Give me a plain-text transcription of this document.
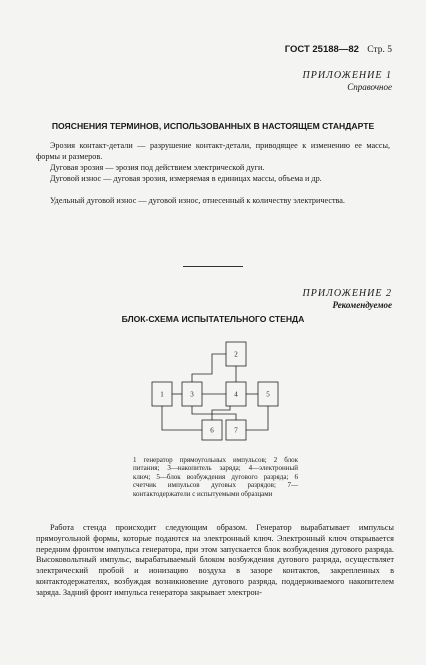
ГОСТ 25188—82 Стр. 5
ПРИЛОЖЕНИЕ 1
Справочное
ПОЯСНЕНИЯ ТЕРМИНОВ, ИСПОЛЬЗОВАННЫХ В НАСТОЯЩЕМ СТАНДАРТЕ
Эрозия контакт-детали — разрушение контакт-детали, приводящее к изменению ее массы, формы и размеров.
Дуговая эрозия — эрозия под действием электрической дуги.
Дуговой износ — дуговая эрозия, измеряемая в единицах массы, объема и др.
Удельный дуговой износ — дуговой износ, отнесенный к количеству электричества.
ПРИЛОЖЕНИЕ 2
Рекомендуемое
БЛОК-СХЕМА ИСПЫТАТЕЛЬНОГО СТЕНДА
2
1	3	4	5
6	7
1 генератор прямоугольных импульсов; 2 блок питания; 3—накопитель заряда; 4—электронный ключ; 5—блок возбуждения дугового разряда; 6 счетчик импульсов дуговых разрядов; 7—контактодержатели с испытуемыми образцами
Работа стенда происходит следующим образом. Генератор вырабатывает импульсы прямоугольной формы, которые подаются на электронный ключ. Электронный ключ открывается передним фронтом импульса генератора, при этом запускается блок возбуждения дугового разряда. Высоковольтный импульс, вырабатываемый блоком возбуждения дугового разряда, осуществляет электрический пробой и ионизацию воздуха в зазоре контактов, закрепленных в контактодержателях, возбуждая возникновение дугового разряда, поддерживаемого накопителем заряда. Задний фронт импульса генератора закрывает электрон-
